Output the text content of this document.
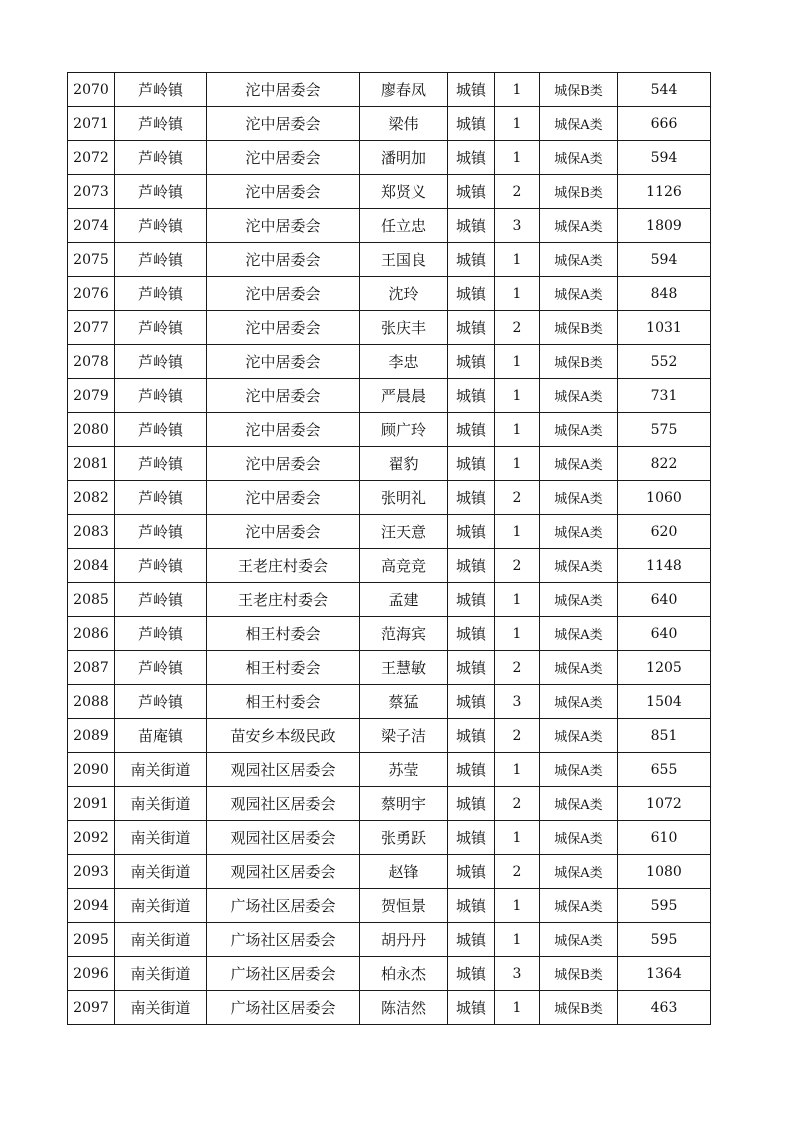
2070	芦岭镇	沱中居委会	廖春凤	城镇	1	城保B类	544
2071	芦岭镇	沱中居委会	梁伟	城镇	1	城保A类	666
2072	芦岭镇	沱中居委会	潘明加	城镇	1	城保A类	594
2073	芦岭镇	沱中居委会	郑贤义	城镇	2	城保B类	1126
2074	芦岭镇	沱中居委会	任立忠	城镇	3	城保A类	1809
2075	芦岭镇	沱中居委会	王国良	城镇	1	城保A类	594
2076	芦岭镇	沱中居委会	沈玲	城镇	1	城保A类	848
2077	芦岭镇	沱中居委会	张庆丰	城镇	2	城保B类	1031
2078	芦岭镇	沱中居委会	李忠	城镇	1	城保B类	552
2079	芦岭镇	沱中居委会	严晨晨	城镇	1	城保A类	731
2080	芦岭镇	沱中居委会	顾广玲	城镇	1	城保A类	575
2081	芦岭镇	沱中居委会	翟豹	城镇	1	城保A类	822
2082	芦岭镇	沱中居委会	张明礼	城镇	2	城保A类	1060
2083	芦岭镇	沱中居委会	汪天意	城镇	1	城保A类	620
2084	芦岭镇	王老庄村委会	高竞竞	城镇	2	城保A类	1148
2085	芦岭镇	王老庄村委会	孟建	城镇	1	城保A类	640
2086	芦岭镇	相王村委会	范海宾	城镇	1	城保A类	640
2087	芦岭镇	相王村委会	王慧敏	城镇	2	城保A类	1205
2088	芦岭镇	相王村委会	蔡猛	城镇	3	城保A类	1504
2089	苗庵镇	苗安乡本级民政	梁子洁	城镇	2	城保A类	851
2090	南关街道	观园社区居委会	苏莹	城镇	1	城保A类	655
2091	南关街道	观园社区居委会	蔡明宇	城镇	2	城保A类	1072
2092	南关街道	观园社区居委会	张勇跃	城镇	1	城保A类	610
2093	南关街道	观园社区居委会	赵锋	城镇	2	城保A类	1080
2094	南关街道	广场社区居委会	贺恒景	城镇	1	城保A类	595
2095	南关街道	广场社区居委会	胡丹丹	城镇	1	城保A类	595
2096	南关街道	广场社区居委会	柏永杰	城镇	3	城保B类	1364
2097	南关街道	广场社区居委会	陈洁然	城镇	1	城保B类	463
